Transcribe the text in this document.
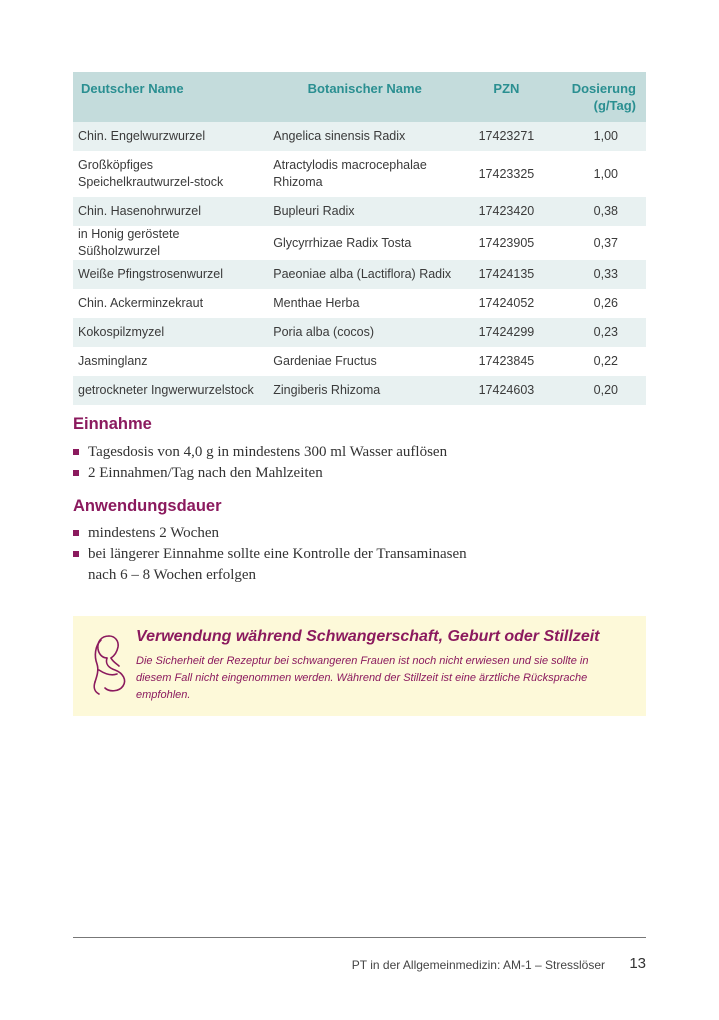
Deutscher Name	Botanischer Name	PZN	Dosierung
(g/Tag)
Chin. Engelwurzwurzel	Angelica sinensis Radix	17423271	1,00
Großköpfiges Speichelkrautwurzel-stock	Atractylodis macrocephalae Rhizoma	17423325	1,00
Chin. Hasenohrwurzel	Bupleuri Radix	17423420	0,38
in Honig geröstete Süßholzwurzel	Glycyrrhizae Radix Tosta	17423905	0,37
Weiße Pfingstrosenwurzel	Paeoniae alba (Lactiflora) Radix	17424135	0,33
Chin. Ackerminzekraut	Menthae Herba	17424052	0,26
Kokospilzmyzel	Poria alba (cocos)	17424299	0,23
Jasminglanz	Gardeniae Fructus	17423845	0,22
getrockneter Ingwerwurzelstock	Zingiberis Rhizoma	17424603	0,20
Einnahme
Tagesdosis von 4,0 g in mindestens 300 ml Wasser auflösen
2 Einnahmen/Tag nach den Mahlzeiten
Anwendungsdauer
mindestens 2 Wochen
bei längerer Einnahme sollte eine Kontrolle der Transaminasen
nach 6 – 8 Wochen erfolgen
Verwendung während Schwangerschaft, Geburt oder Stillzeit

Die Sicherheit der Rezeptur bei schwangeren Frauen ist noch nicht erwiesen und sie sollte in diesem Fall nicht eingenommen werden. Während der Stillzeit ist eine ärztliche Rücksprache empfohlen.

PT in der Allgemeinmedizin: AM-1 – Stresslöser 13
